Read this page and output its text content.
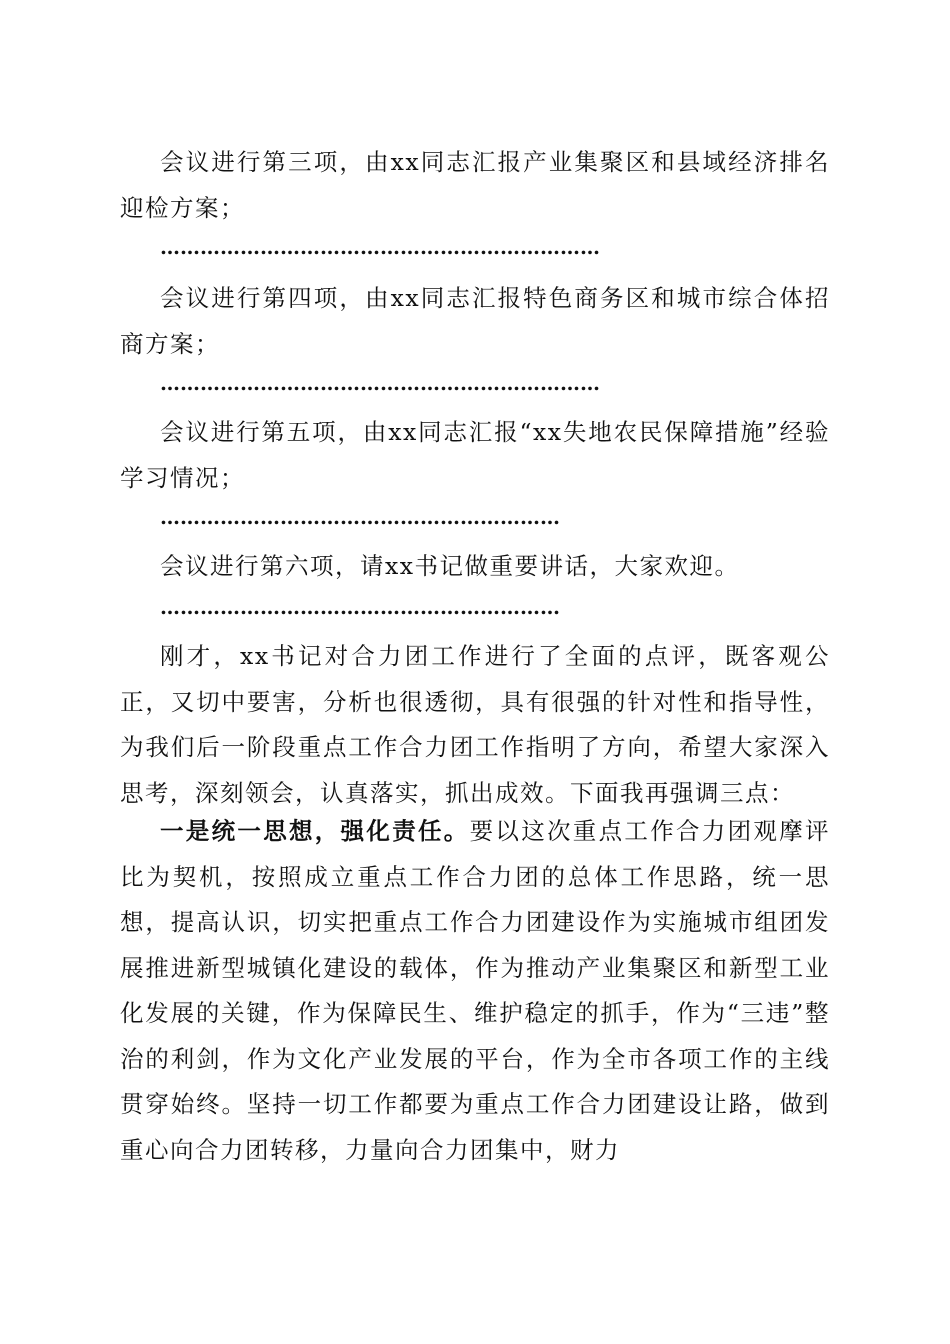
会议进行第三项，由xx同志汇报产业集聚区和县域经济排名迎检方案；

…………………………………………………………

会议进行第四项，由xx同志汇报特色商务区和城市综合体招商方案；

…………………………………………………………

会议进行第五项，由xx同志汇报“xx失地农民保障措施”经验学习情况；

……………………………………………………

会议进行第六项，请xx书记做重要讲话，大家欢迎。

……………………………………………………

刚才，xx书记对合力团工作进行了全面的点评，既客观公正，又切中要害，分析也很透彻，具有很强的针对性和指导性，为我们后一阶段重点工作合力团工作指明了方向，希望大家深入思考，深刻领会，认真落实，抓出成效。下面我再强调三点：

一是统一思想，强化责任。要以这次重点工作合力团观摩评比为契机，按照成立重点工作合力团的总体工作思路，统一思想，提高认识，切实把重点工作合力团建设作为实施城市组团发展推进新型城镇化建设的载体，作为推动产业集聚区和新型工业化发展的关键，作为保障民生、维护稳定的抓手，作为“三违”整治的利剑，作为文化产业发展的平台，作为全市各项工作的主线贯穿始终。坚持一切工作都要为重点工作合力团建设让路，做到重心向合力团转移，力量向合力团集中，财力
